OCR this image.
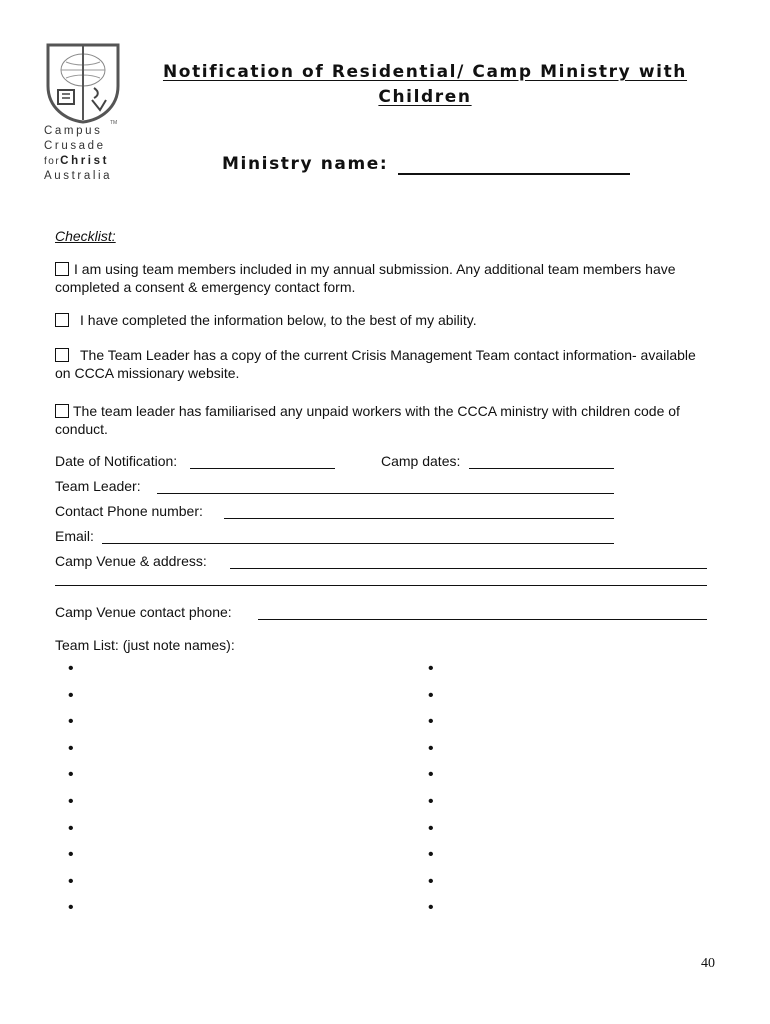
TM
Campus
Crusade
forChrist
Australia
Notification of Residential/ Camp Ministry with
Children
Ministry name:
Checklist:
I am using team members included in my annual submission. Any additional team members have completed a consent & emergency contact form.
I have completed the information below, to the best of my ability.
The Team Leader has a copy of the current Crisis Management Team contact information- available on CCCA missionary website.
The team leader has familiarised any unpaid workers with the CCCA ministry with children code of conduct.
Date of Notification:	Camp dates:
Team Leader:
Contact Phone number:
Email:
Camp Venue & address:
Camp Venue contact phone:
Team List: (just note names):
•
•
•
•
•
•
•
•
•
•
•
•
•
•
•
•
•
•
•
•
40
